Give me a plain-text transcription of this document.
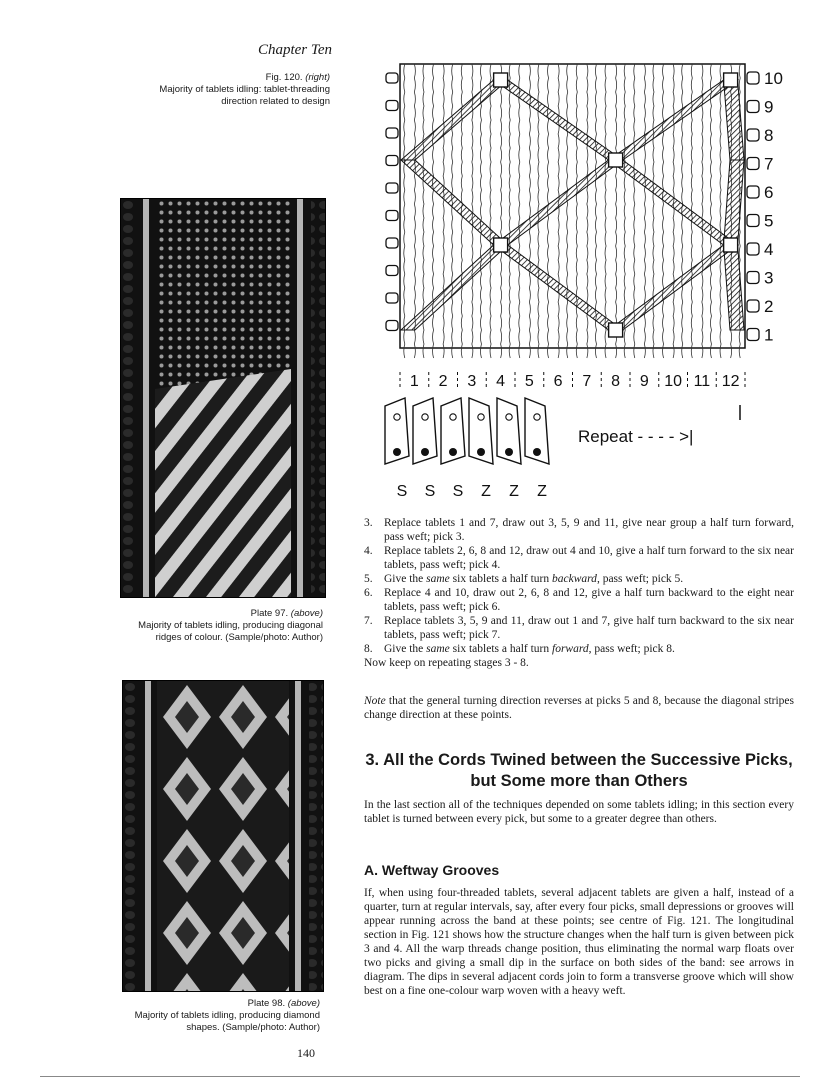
Chapter Ten
Fig. 120. (right)
Majority of tablets idling: tablet-threading direction related to design
Plate 97. (above)
Majority of tablets idling, producing diagonal ridges of colour. (Sample/photo: Author)
Plate 98. (above)
Majority of tablets idling, producing diamond shapes. (Sample/photo: Author)
10
9
8
7
6
5
4
3
2
1
1 2 3 4 5 6 7 8 9 10 11 12
Repeat - - - - >|
S S S Z Z Z
3. Replace tablets 1 and 7, draw out 3, 5, 9 and 11, give near group a half turn forward, pass weft; pick 3.
4. Replace tablets 2, 6, 8 and 12, draw out 4 and 10, give a half turn forward to the six near tablets, pass weft; pick 4.
5. Give the same six tablets a half turn backward, pass weft; pick 5.
6. Replace 4 and 10, draw out 2, 6, 8 and 12, give a half turn backward to the eight near tablets, pass weft; pick 6.
7. Replace tablets 3, 5, 9 and 11, draw out 1 and 7, give half turn backward to the six near tablets, pass weft; pick 7.
8. Give the same six tablets a half turn forward, pass weft; pick 8.
Now keep on repeating stages 3 - 8.
Note that the general turning direction reverses at picks 5 and 8, because the diagonal stripes change direction at these points.
3. All the Cords Twined between the Successive Picks, but Some more than Others
In the last section all of the techniques depended on some tablets idling; in this section every tablet is turned between every pick, but some to a greater degree than others.
A. Weftway Grooves
If, when using four-threaded tablets, several adjacent tablets are given a half, instead of a quarter, turn at regular intervals, say, after every four picks, small depressions or grooves will appear running across the band at these points; see centre of Fig. 121. The longitudinal section in Fig. 121 shows how the structure changes when the half turn is given between pick 3 and 4. All the warp threads change position, thus eliminating the normal warp floats over two picks and giving a small dip in the surface on both sides of the band: see arrows in diagram. The dips in several adjacent cords join to form a transverse groove which will show best on a fine one-colour warp woven with a heavy weft.
140
